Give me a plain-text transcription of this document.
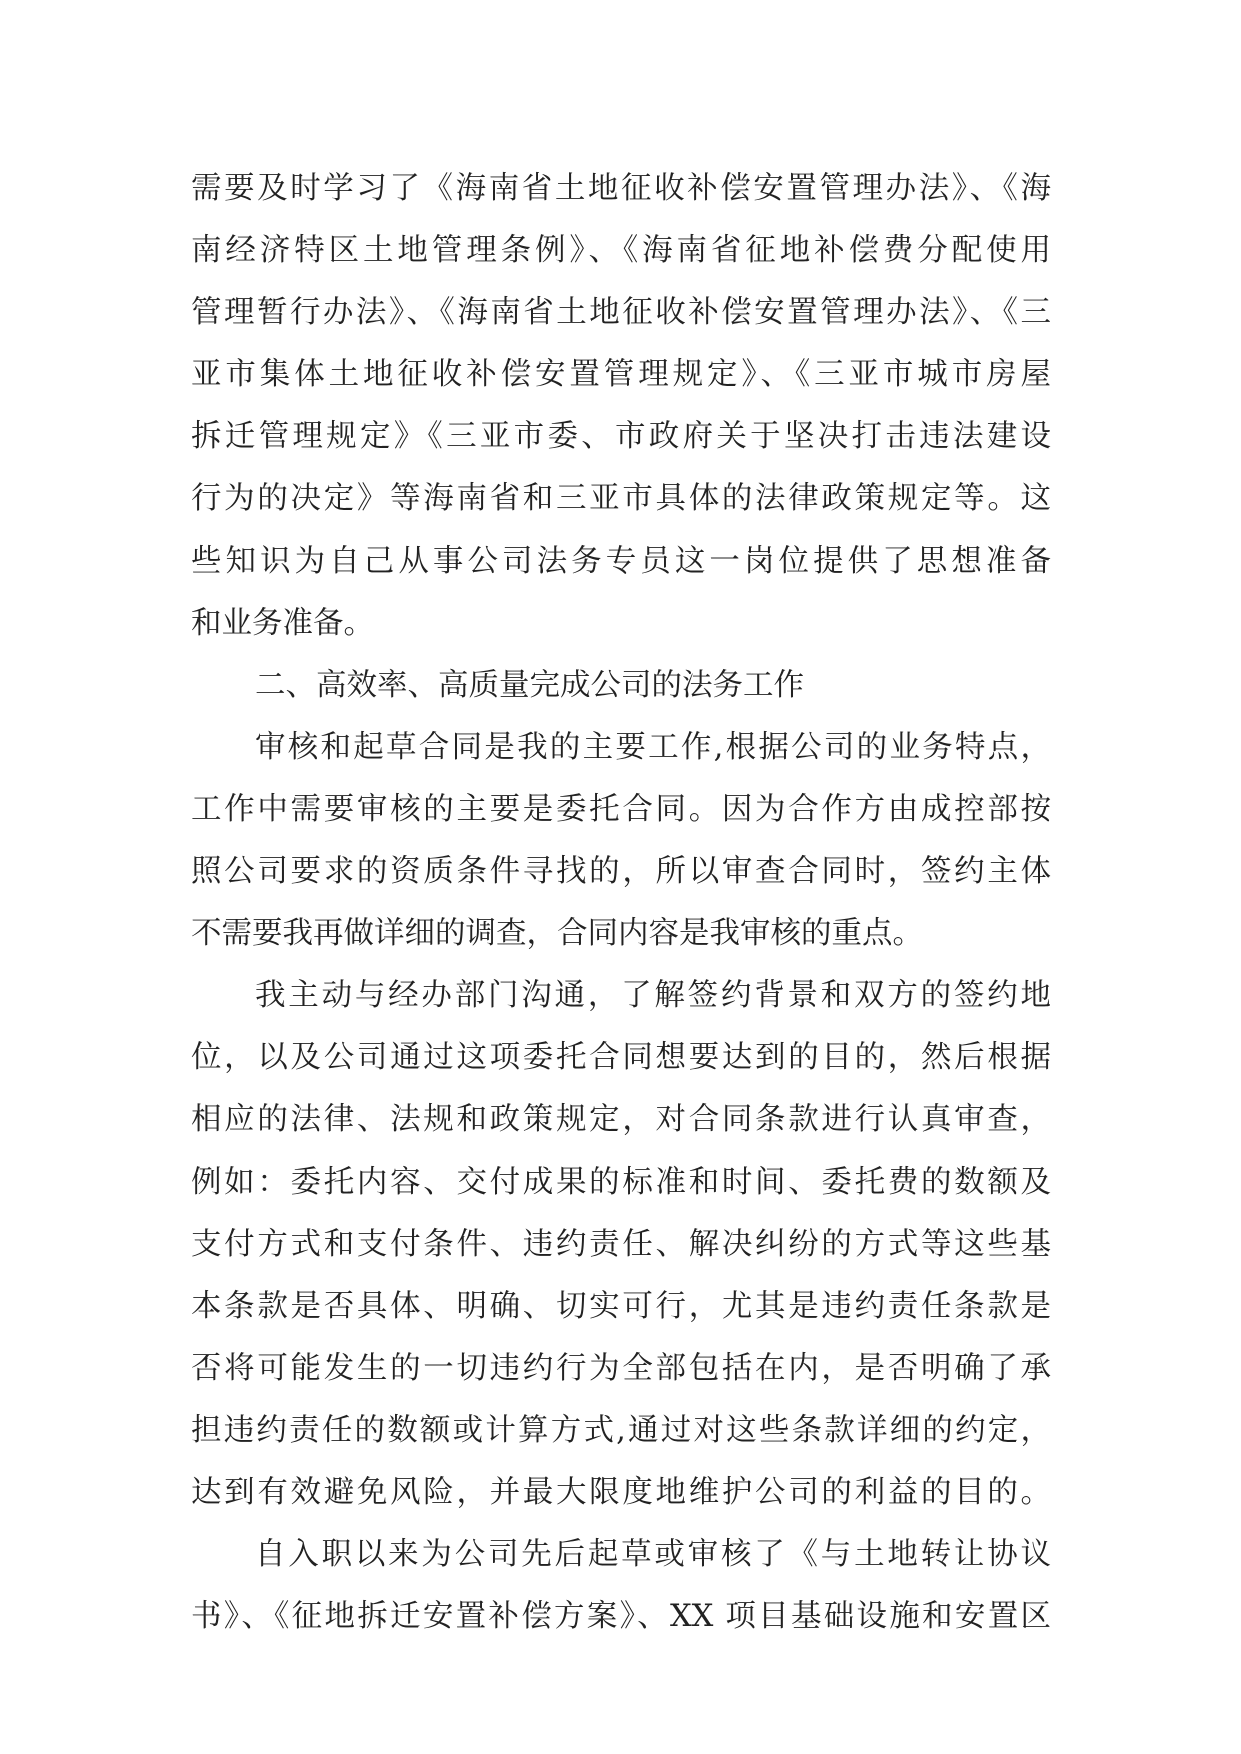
需要及时学习了《海南省土地征收补偿安置管理办法》、《海
南经济特区土地管理条例》、《海南省征地补偿费分配使用
管理暂行办法》、《海南省土地征收补偿安置管理办法》、《三
亚市集体土地征收补偿安置管理规定》、《三亚市城市房屋
拆迁管理规定》《三亚市委、市政府关于坚决打击违法建设
行为的决定》等海南省和三亚市具体的法律政策规定等。这
些知识为自己从事公司法务专员这一岗位提供了思想准备
和业务准备。
二、高效率、高质量完成公司的法务工作
审核和起草合同是我的主要工作,根据公司的业务特点，
工作中需要审核的主要是委托合同。因为合作方由成控部按
照公司要求的资质条件寻找的，所以审查合同时，签约主体
不需要我再做详细的调查，合同内容是我审核的重点。
我主动与经办部门沟通，了解签约背景和双方的签约地
位，以及公司通过这项委托合同想要达到的目的，然后根据
相应的法律、法规和政策规定，对合同条款进行认真审查，
例如：委托内容、交付成果的标准和时间、委托费的数额及
支付方式和支付条件、违约责任、解决纠纷的方式等这些基
本条款是否具体、明确、切实可行，尤其是违约责任条款是
否将可能发生的一切违约行为全部包括在内，是否明确了承
担违约责任的数额或计算方式,通过对这些条款详细的约定，
达到有效避免风险，并最大限度地维护公司的利益的目的。
自入职以来为公司先后起草或审核了《与土地转让协议
书》、《征地拆迁安置补偿方案》、XX 项目基础设施和安置区
